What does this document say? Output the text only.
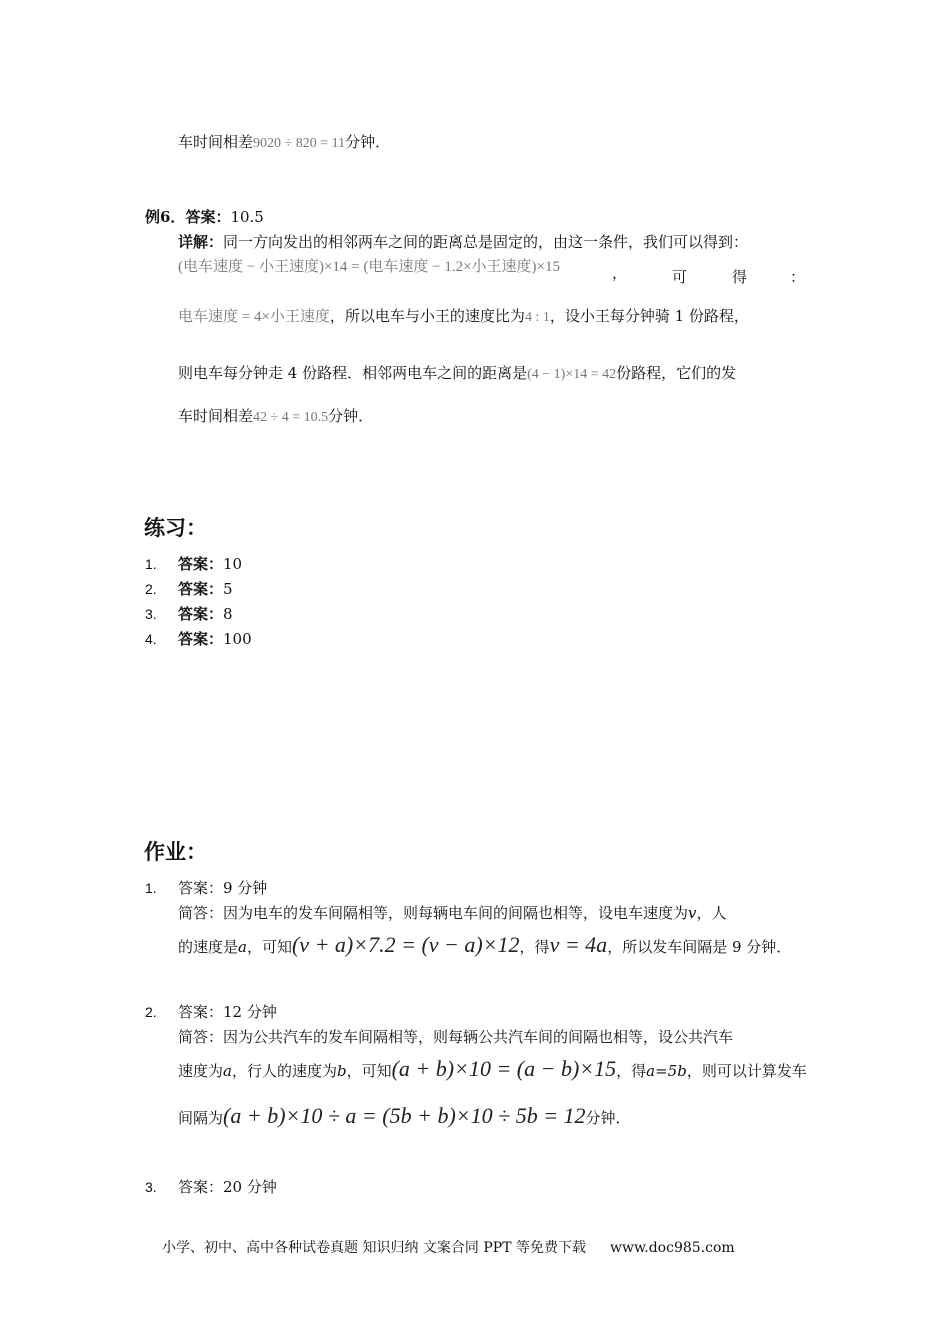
车时间相差9020 ÷ 820 = 11分钟．
例6．答案：10.5
详解：同一方向发出的相邻两车之间的距离总是固定的，由这一条件，我们可以得到：
(电车速度 − 小王速度)×14 = (电车速度 − 1.2×小王速度)×15	，	可	得	：
电车速度 = 4×小王速度，所以电车与小王的速度比为4 : 1，设小王每分钟骑 1 份路程，
则电车每分钟走 4 份路程．相邻两电车之间的距离是(4 − 1)×14 = 42份路程，它们的发
车时间相差42 ÷ 4 = 10.5分钟．
练习：
1. 答案：10
2. 答案：5
3. 答案：8
4. 答案：100
作业：
1. 答案：9 分钟
简答：因为电车的发车间隔相等，则每辆电车间的间隔也相等，设电车速度为v，人
的速度是a，可知(v + a)×7.2 = (v − a)×12，得v = 4a，所以发车间隔是 9 分钟．
2. 答案：12 分钟
简答：因为公共汽车的发车间隔相等，则每辆公共汽车间的间隔也相等，设公共汽车
速度为a，行人的速度为b，可知(a + b)×10 = (a − b)×15，得a=5b，则可以计算发车
间隔为(a + b)×10 ÷ a = (5b + b)×10 ÷ 5b = 12分钟．
3. 答案：20 分钟
小学、初中、高中各种试卷真题 知识归纳 文案合同 PPT 等免费下载 www.doc985.com
